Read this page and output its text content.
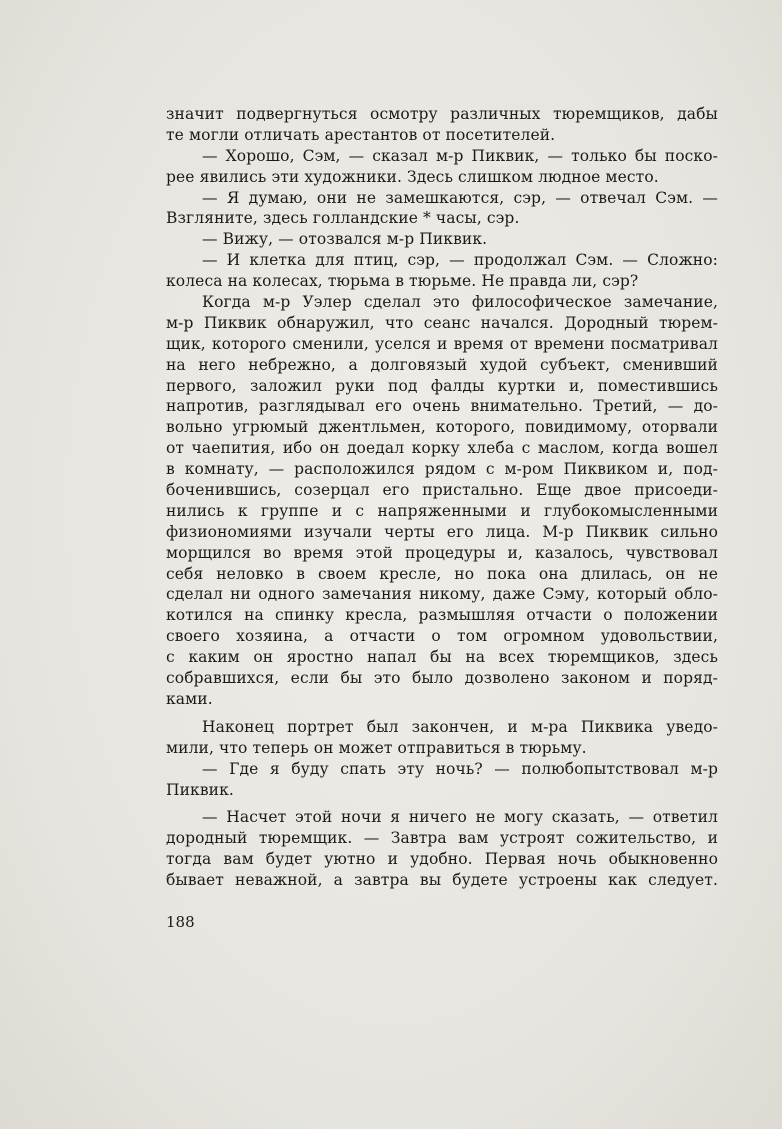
значит подвергнуться осмотру различных тюремщиков, дабы
те могли отличать арестантов от посетителей.
— Хорошо, Сэм, — сказал м-р Пиквик, — только бы поско-
рее явились эти художники. Здесь слишком людное место.
— Я думаю, они не замешкаются, сэр, — отвечал Сэм. —
Взгляните, здесь голландские * часы, сэр.
— Вижу, — отозвался м-р Пиквик.
— И клетка для птиц, сэр, — продолжал Сэм. — Сложно:
колеса на колесах, тюрьма в тюрьме. Не правда ли, сэр?
Когда м-р Уэлер сделал это философическое замечание,
м-р Пиквик обнаружил, что сеанс начался. Дородный тюрем-
щик, которого сменили, уселся и время от времени посматривал
на него небрежно, а долговязый худой субъект, сменивший
первого, заложил руки под фалды куртки и, поместившись
напротив, разглядывал его очень внимательно. Третий, — до-
вольно угрюмый джентльмен, которого, повидимому, оторвали
от чаепития, ибо он доедал корку хлеба с маслом, когда вошел
в комнату, — расположился рядом с м-ром Пиквиком и, под-
боченившись, созерцал его пристально. Еще двое присоеди-
нились к группе и с напряженными и глубокомысленными
физиономиями изучали черты его лица. М-р Пиквик сильно
морщился во время этой процедуры и, казалось, чувствовал
себя неловко в своем кресле, но пока она длилась, он не
сделал ни одного замечания никому, даже Сэму, который обло-
котился на спинку кресла, размышляя отчасти о положении
своего хозяина, а отчасти о том огромном удовольствии,
с каким он яростно напал бы на всех тюремщиков, здесь
собравшихся, если бы это было дозволено законом и поряд-
ками.
Наконец портрет был закончен, и м-ра Пиквика уведо-
мили, что теперь он может отправиться в тюрьму.
— Где я буду спать эту ночь? — полюбопытствовал м-р
Пиквик.
— Насчет этой ночи я ничего не могу сказать, — ответил
дородный тюремщик. — Завтра вам устроят сожительство, и
тогда вам будет уютно и удобно. Первая ночь обыкновенно
бывает неважной, а завтра вы будете устроены как следует.
188
